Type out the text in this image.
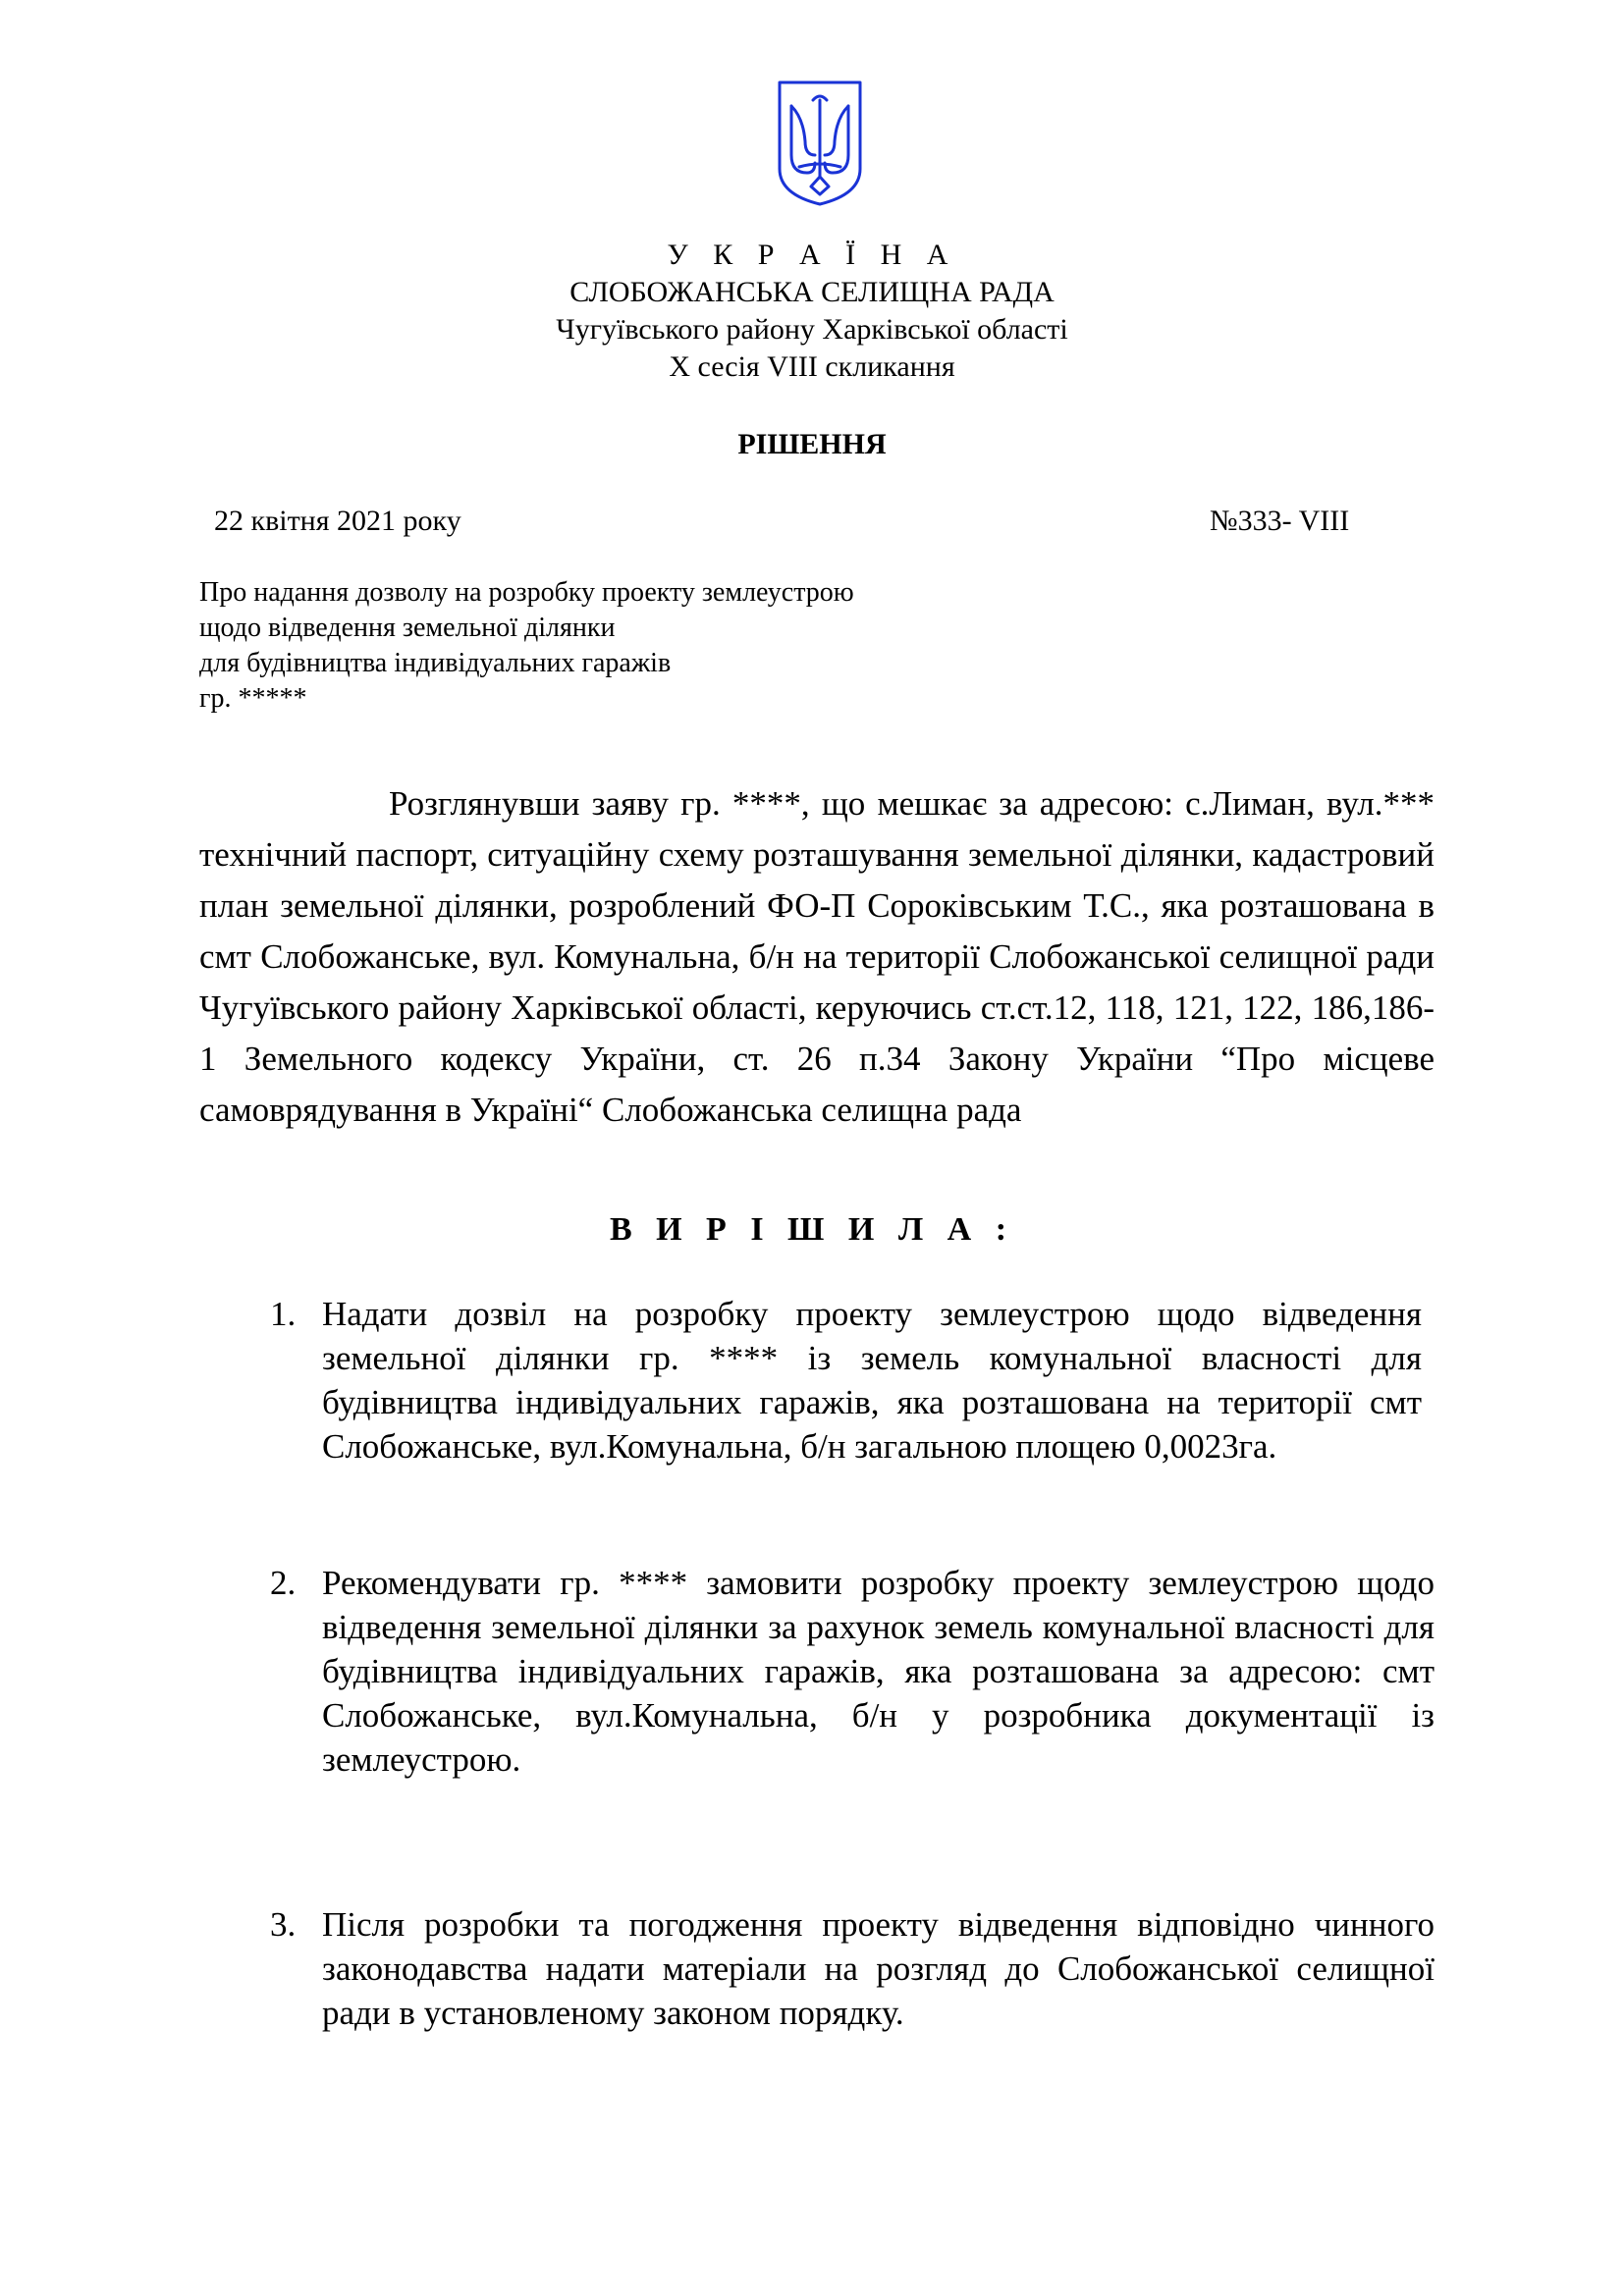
У К Р А Ї Н А
СЛОБОЖАНСЬКА СЕЛИЩНА РАДА
Чугуївського району Харківської області
Х сесія VIII скликання
РІШЕННЯ
22 квітня 2021 року	№333- VIII
Про надання дозволу на розробку проекту землеустрою
щодо відведення земельної ділянки
для будівництва індивідуальних гаражів
гр. *****

Розглянувши заяву гр. ****, що мешкає за адресою: с.Лиман, вул.*** технічний паспорт, ситуаційну схему розташування земельної ділянки, кадастровий план земельної ділянки, розроблений ФО-П Сороківським Т.С., яка розташована в смт Слобожанське, вул. Комунальна, б/н на території Слобожанської селищної ради Чугуївського району Харківської області, керуючись ст.ст.12, 118, 121, 122, 186,186-1 Земельного кодексу України, ст. 26 п.34 Закону України “Про місцеве самоврядування в Україні“ Слобожанська селищна рада

В И Р І Ш И Л А :
1. Надати дозвіл на розробку проекту землеустрою щодо відведення земельної ділянки гр. **** із земель комунальної власності для будівництва індивідуальних гаражів, яка розташована на території смт Слобожанське, вул.Комунальна, б/н загальною площею 0,0023га.

2. Рекомендувати гр. **** замовити розробку проекту землеустрою щодо відведення земельної ділянки за рахунок земель комунальної власності для будівництва індивідуальних гаражів, яка розташована за адресою: смт Слобожанське, вул.Комунальна, б/н у розробника документації із землеустрою.

3. Після розробки та погодження проекту відведення відповідно чинного законодавства надати матеріали на розгляд до Слобожанської селищної ради в установленому законом порядку.
